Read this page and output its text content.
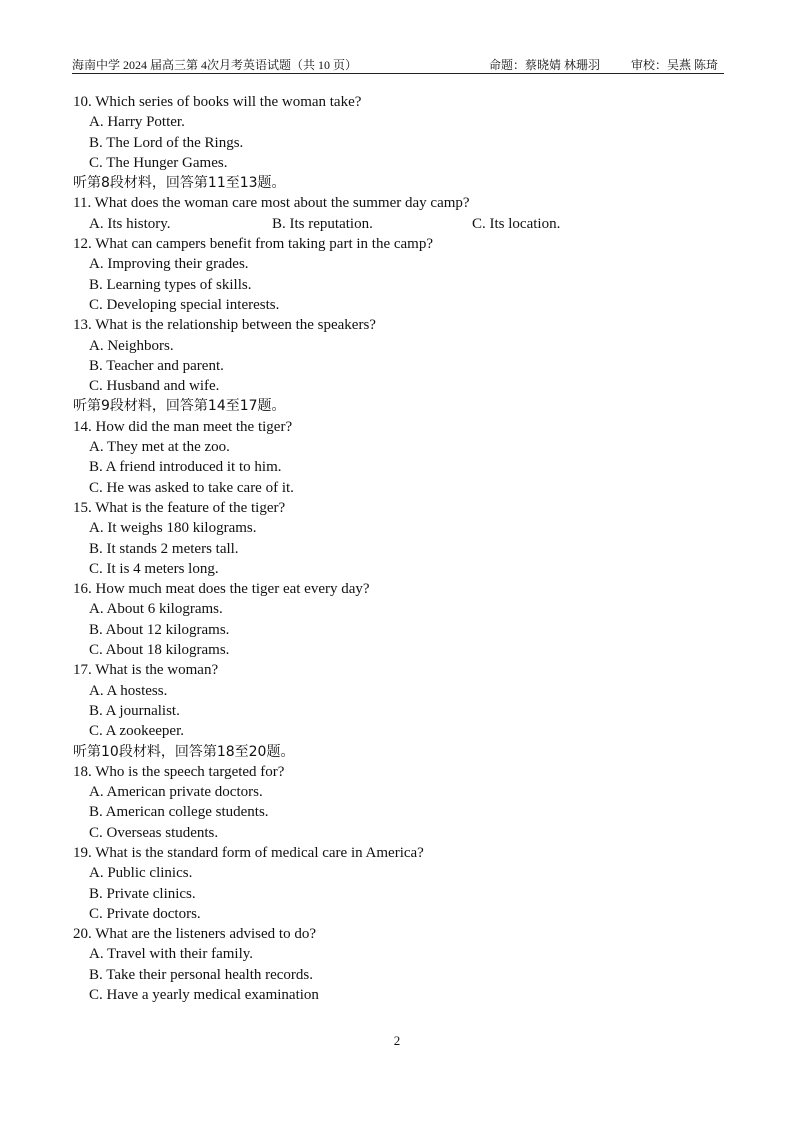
海南中学 2024 届高三第 4次月考英语试题（共 10 页）	命题：蔡晓婧 林珊羽	审校：吴燕 陈琦
10. Which series of books will the woman take?
A. Harry Potter.
B. The Lord of the Rings.
C. The Hunger Games.
听第8段材料，回答第11至13题。
11. What does the woman care most about the summer day camp?
A. Its history.	B. Its reputation.	C. Its location.
12. What can campers benefit from taking part in the camp?
A. Improving their grades.
B. Learning types of skills.
C. Developing special interests.
13. What is the relationship between the speakers?
A. Neighbors.
B. Teacher and parent.
C. Husband and wife.
听第9段材料，回答第14至17题。
14. How did the man meet the tiger?
A. They met at the zoo.
B. A friend introduced it to him.
C. He was asked to take care of it.
15. What is the feature of the tiger?
A. It weighs 180 kilograms.
B. It stands 2 meters tall.
C. It is 4 meters long.
16. How much meat does the tiger eat every day?
A. About 6 kilograms.
B. About 12 kilograms.
C. About 18 kilograms.
17. What is the woman?
A. A hostess.
B. A journalist.
C. A zookeeper.
听第10段材料，回答第18至20题。
18. Who is the speech targeted for?
A. American private doctors.
B. American college students.
C. Overseas students.
19. What is the standard form of medical care in America?
A. Public clinics.
B. Private clinics.
C. Private doctors.
20. What are the listeners advised to do?
A. Travel with their family.
B. Take their personal health records.
C. Have a yearly medical examination
2
